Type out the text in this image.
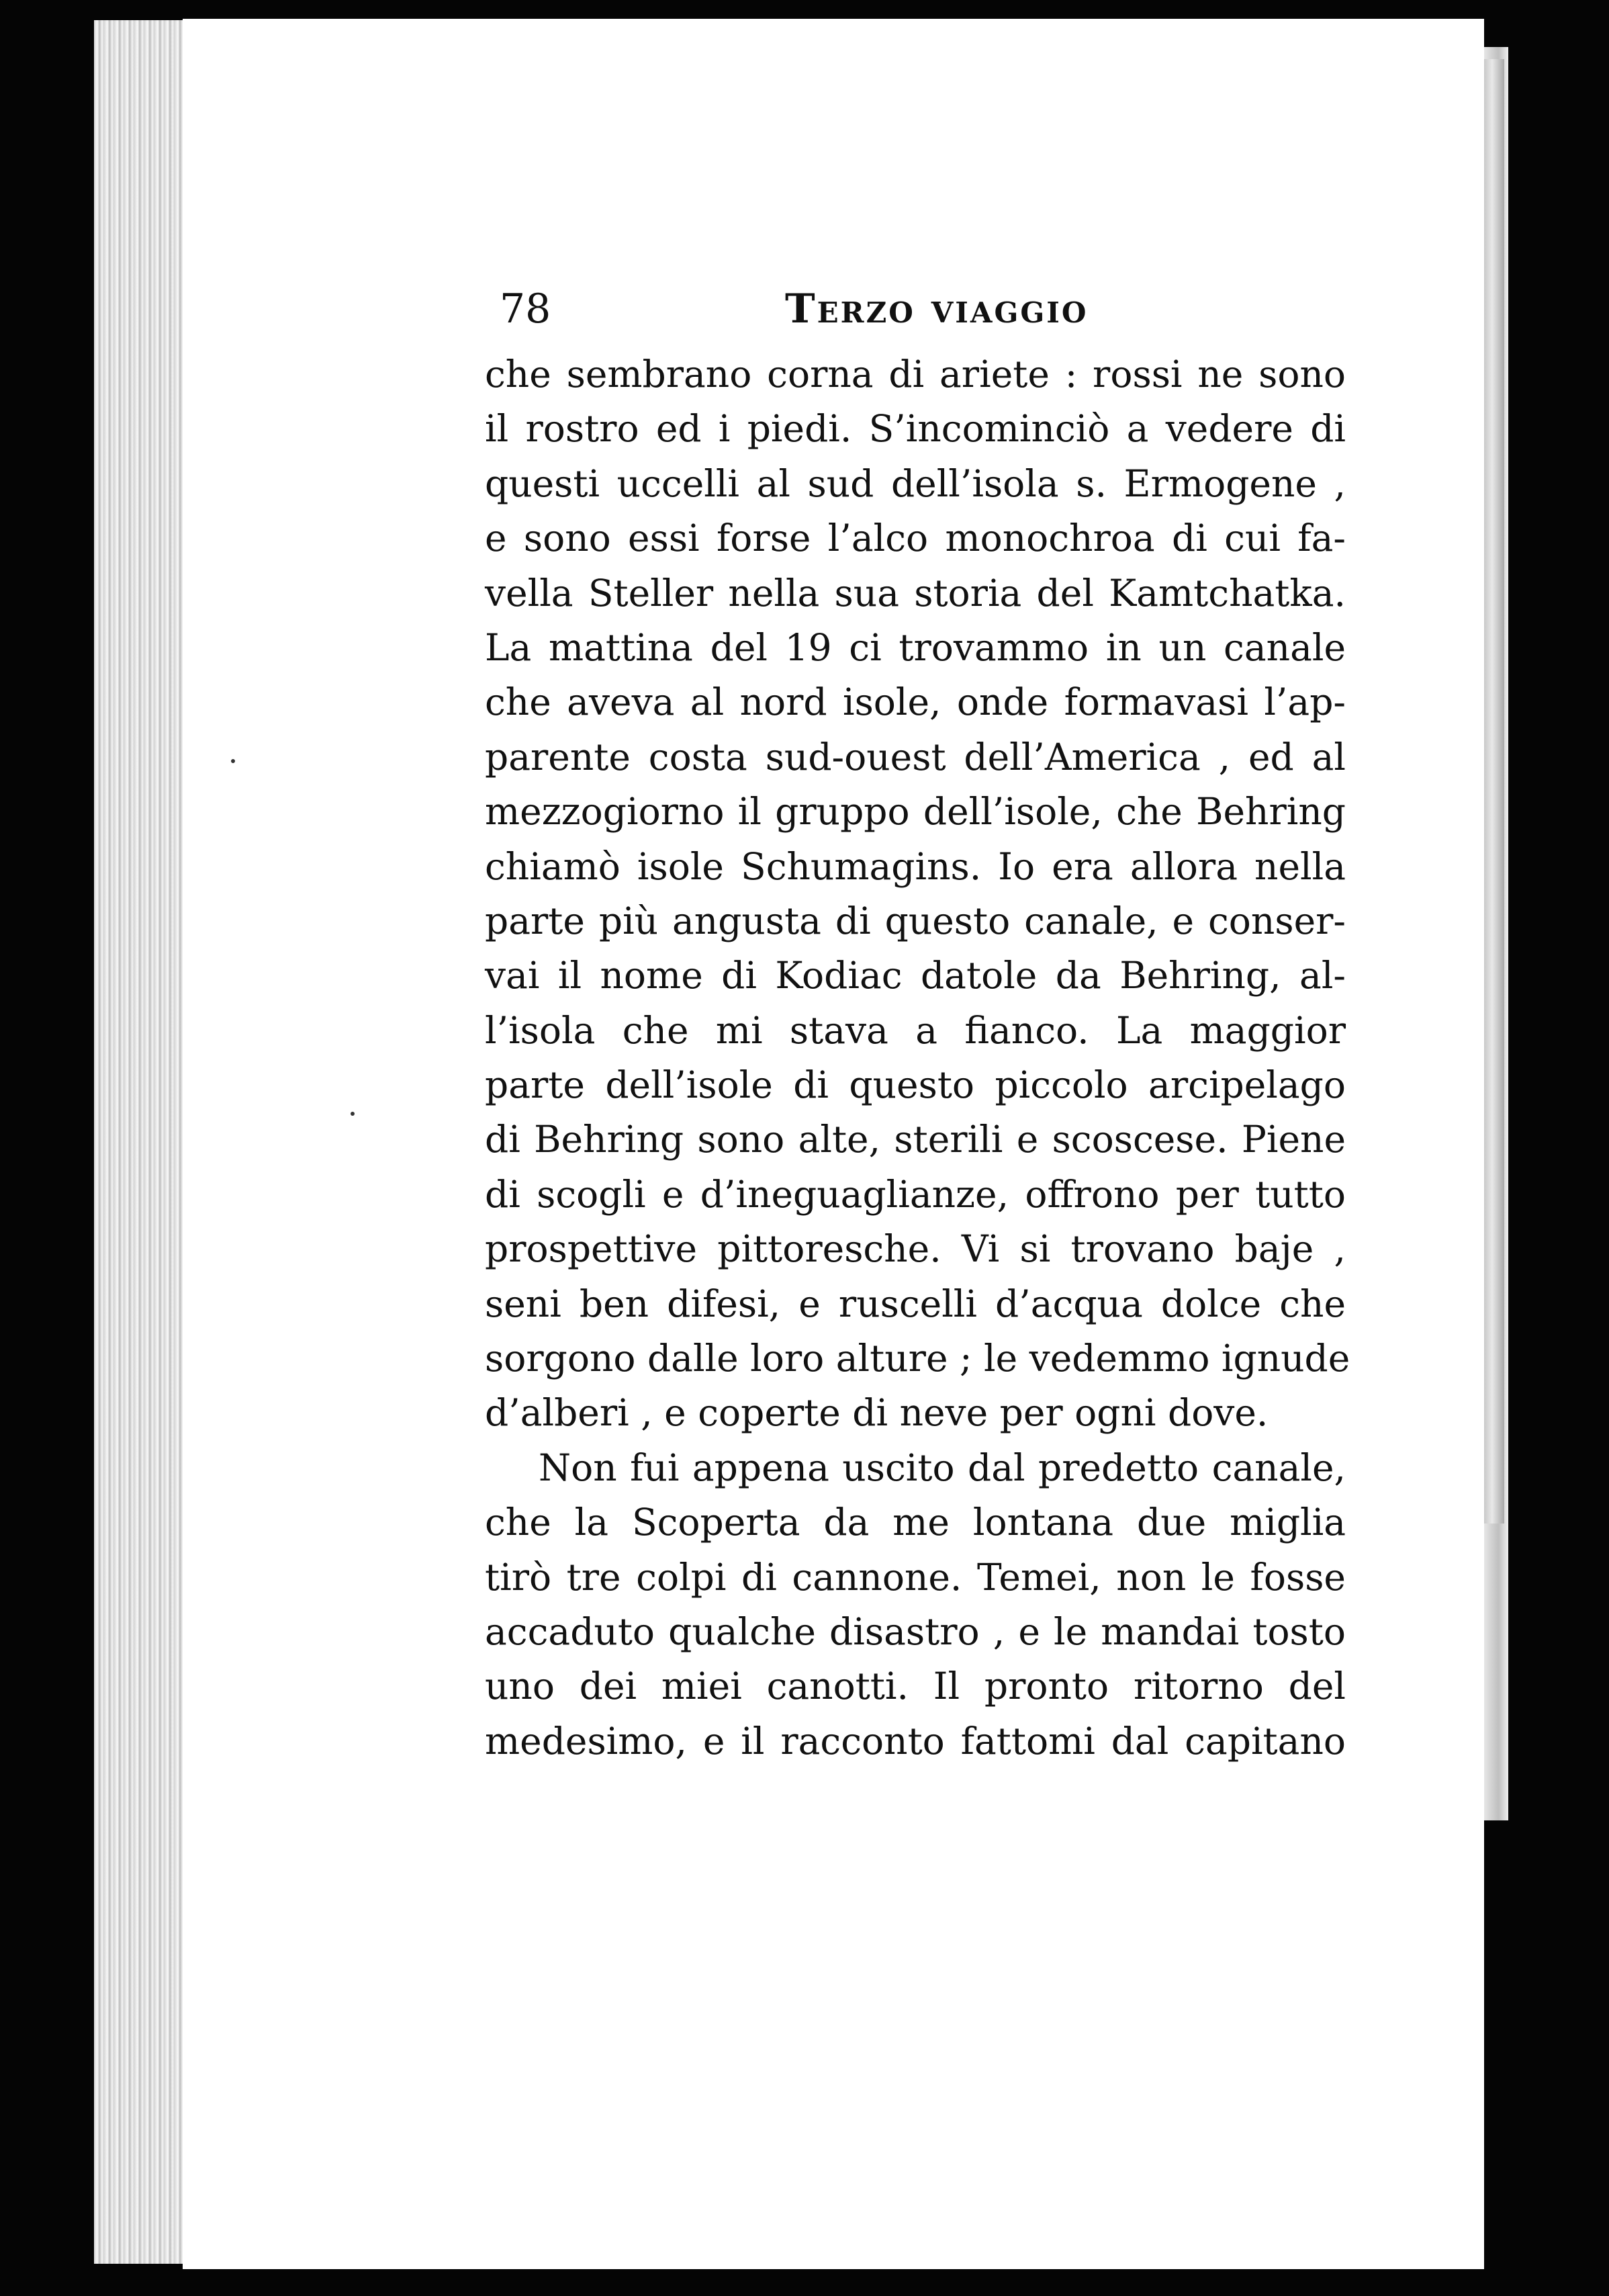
78	Terzo viaggio
che sembrano corna di ariete : rossi ne sono
il rostro ed i piedi. S’incominciò a vedere di
questi uccelli al sud dell’isola s. Ermogene ,
e sono essi forse l’alco monochroa di cui fa-
vella Steller nella sua storia del Kamtchatka.
La mattina del 19 ci trovammo in un canale
che aveva al nord isole, onde formavasi l’ap-
parente costa sud-ouest dell’America , ed al
mezzogiorno il gruppo dell’isole, che Behring
chiamò isole Schumagins. Io era allora nella
parte più angusta di questo canale, e conser-
vai il nome di Kodiac datole da Behring, al-
l’isola che mi stava a fianco. La maggior
parte dell’isole di questo piccolo arcipelago
di Behring sono alte, sterili e scoscese. Piene
di scogli e d’ineguaglianze, offrono per tutto
prospettive pittoresche. Vi si trovano baje ,
seni ben difesi, e ruscelli d’acqua dolce che
sorgono dalle loro alture ; le vedemmo ignude
d’alberi , e coperte di neve per ogni dove.
Non fui appena uscito dal predetto canale,
che la Scoperta da me lontana due miglia
tirò tre colpi di cannone. Temei, non le fosse
accaduto qualche disastro , e le mandai tosto
uno dei miei canotti. Il pronto ritorno del
medesimo, e il racconto fattomi dal capitano
